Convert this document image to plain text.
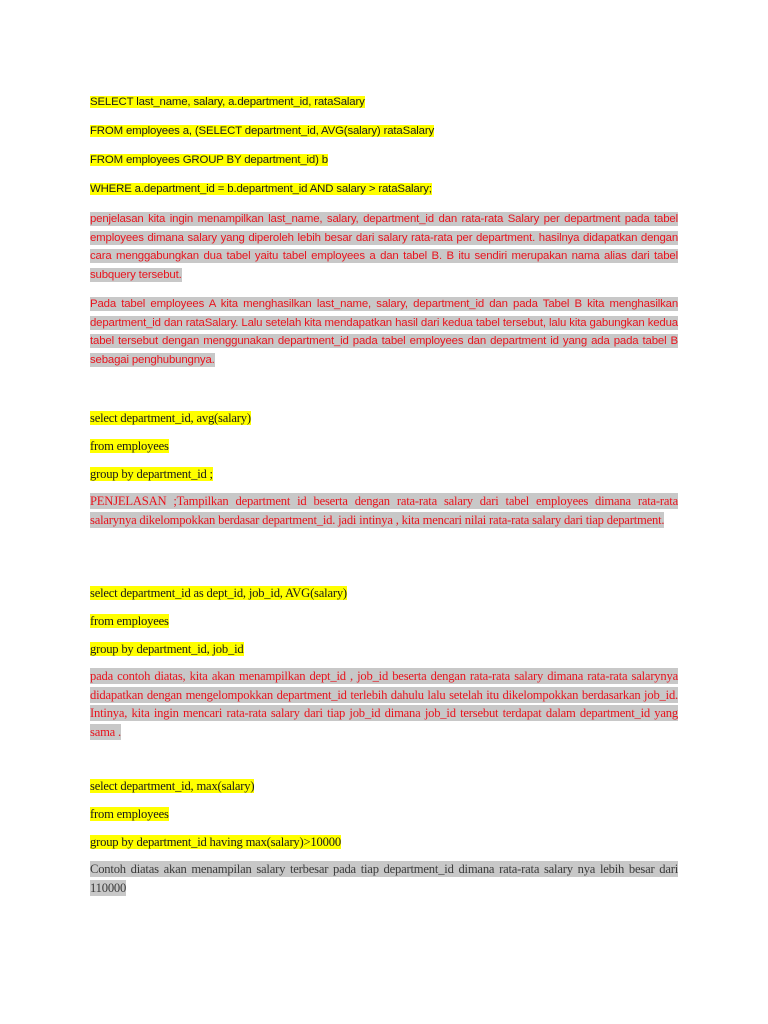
SELECT last_name, salary, a.department_id, rataSalary
FROM employees a, (SELECT department_id, AVG(salary) rataSalary
FROM employees GROUP BY department_id) b
WHERE a.department_id = b.department_id AND salary > rataSalary;
penjelasan kita ingin menampilkan last_name, salary, department_id dan rata-rata Salary per department pada tabel employees dimana salary yang diperoleh lebih besar dari salary rata-rata per department. hasilnya didapatkan dengan cara menggabungkan dua tabel yaitu tabel employees a dan tabel B. B itu sendiri merupakan nama alias dari tabel subquery tersebut.
Pada tabel employees A kita menghasilkan last_name, salary, department_id dan pada Tabel B kita menghasilkan department_id dan rataSalary. Lalu setelah kita mendapatkan hasil dari kedua tabel tersebut, lalu kita gabungkan kedua tabel tersebut dengan menggunakan department_id pada tabel employees dan department id yang ada pada tabel B sebagai penghubungnya.
select department_id, avg(salary)
from employees
group by department_id ;
PENJELASAN ;Tampilkan department id beserta dengan rata-rata salary dari tabel employees dimana rata-rata salarynya dikelompokkan berdasar department_id. jadi intinya , kita mencari nilai rata-rata salary dari tiap department.
select department_id as dept_id, job_id, AVG(salary)
from employees
group by department_id, job_id
pada contoh diatas, kita akan menampilkan dept_id , job_id beserta dengan rata-rata salary dimana rata-rata salarynya didapatkan dengan mengelompokkan department_id terlebih dahulu lalu setelah itu dikelompokkan berdasarkan job_id. Intinya, kita ingin mencari rata-rata salary dari tiap job_id dimana job_id tersebut terdapat dalam department_id yang sama .
select department_id, max(salary)
from employees
group by department_id having max(salary)>10000
Contoh diatas akan menampilan salary terbesar pada tiap department_id dimana rata-rata salary nya lebih besar dari 110000
